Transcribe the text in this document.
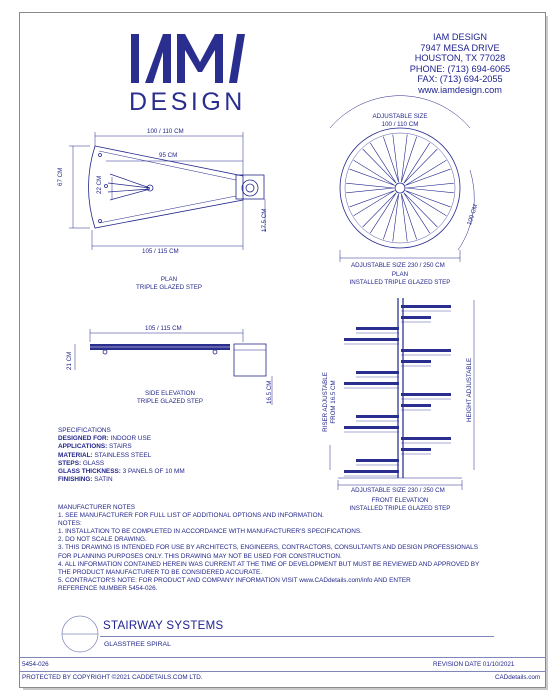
DESIGN
IAM DESIGN
7947 MESA DRIVE
HOUSTON, TX 77028
PHONE: (713) 694-6065
FAX: (713) 694-2055
www.iamdesign.com
100 / 110 CM
95 CM
105 / 115 CM
67 CM	22 CM
17.5 CM
PLAN
TRIPLE GLAZED STEP
ADJUSTABLE SIZE
100 / 110 CM
100 CM
ADJUSTABLE SIZE 230 / 250 CM
PLAN
INSTALLED TRIPLE GLAZED STEP
105 / 115 CM
21 CM
16.5 CM
SIDE ELEVATION
TRIPLE GLAZED STEP	RISER ADJUSTABLE FROM 16.5 CM	HEIGHT ADJUSTABLE
ADJUSTABLE SIZE 230 / 250 CM
FRONT ELEVATION
INSTALLED TRIPLE GLAZED STEP
SPECIFICATIONS
DESIGNED FOR: INDOOR USE
APPLICATIONS: STAIRS
MATERIAL: STAINLESS STEEL
STEPS: GLASS
GLASS THICKNESS: 3 PANELS OF 10 MM
FINISHING: SATIN
MANUFACTURER NOTES
1. SEE MANUFACTURER FOR FULL LIST OF ADDITIONAL OPTIONS AND INFORMATION.
NOTES:
1. INSTALLATION TO BE COMPLETED IN ACCORDANCE WITH MANUFACTURER'S SPECIFICATIONS.
2. DO NOT SCALE DRAWING.
3. THIS DRAWING IS INTENDED FOR USE BY ARCHITECTS, ENGINEERS, CONTRACTORS, CONSULTANTS AND DESIGN PROFESSIONALS
FOR PLANNING PURPOSES ONLY. THIS DRAWING MAY NOT BE USED FOR CONSTRUCTION.
4. ALL INFORMATION CONTAINED HEREIN WAS CURRENT AT THE TIME OF DEVELOPMENT BUT MUST BE REVIEWED AND APPROVED BY
THE PRODUCT MANUFACTURER TO BE CONSIDERED ACCURATE.
5. CONTRACTOR'S NOTE: FOR PRODUCT AND COMPANY INFORMATION VISIT www.CADdetails.com/info AND ENTER
REFERENCE NUMBER 5454-026.
STAIRWAY SYSTEMS
GLASSTREE SPIRAL
5454-026	REVISION DATE 01/10/2021
PROTECTED BY COPYRIGHT ©2021 CADDETAILS.COM LTD.	CADdetails.com
